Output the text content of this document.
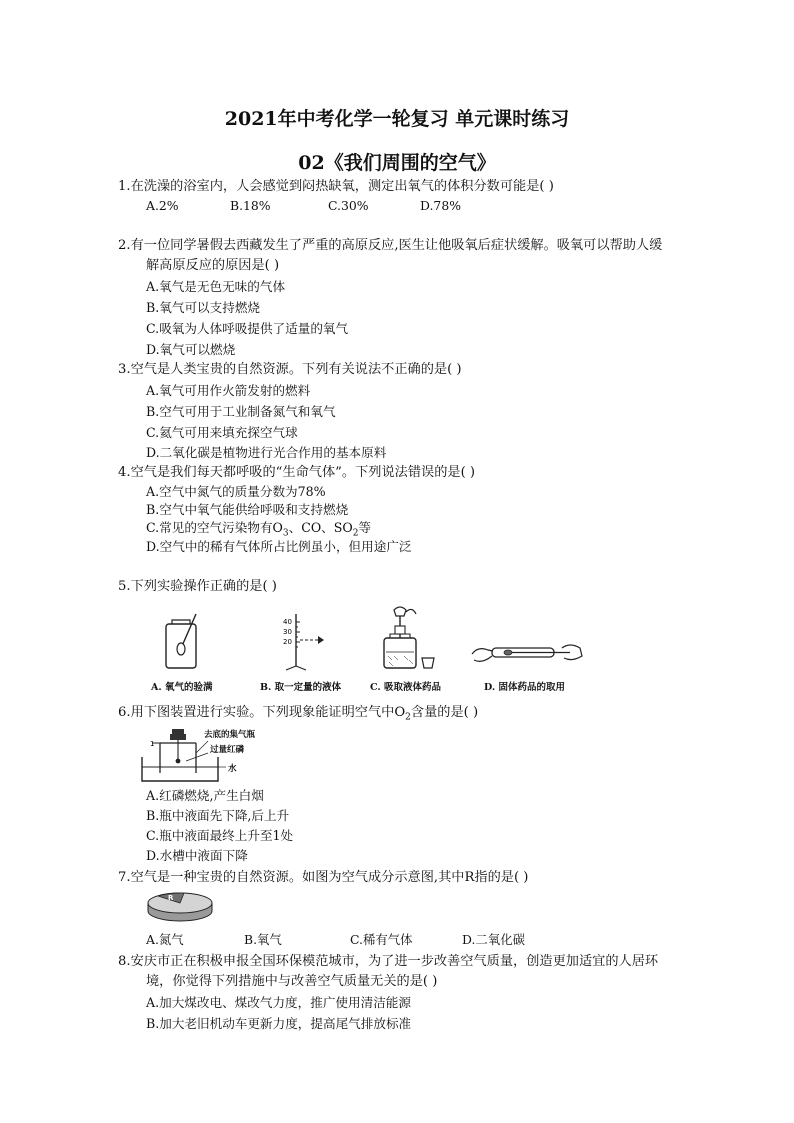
2021年中考化学一轮复习 单元课时练习
02《我们周围的空气》
1.在洗澡的浴室内，人会感觉到闷热缺氧，测定出氧气的体积分数可能是( )
A.2%	B.18%	C.30%	D.78%
2.有一位同学暑假去西藏发生了严重的高原反应,医生让他吸氧后症状缓解。吸氧可以帮助人缓
解高原反应的原因是( )
A.氧气是无色无味的气体
B.氧气可以支持燃烧
C.吸氧为人体呼吸提供了适量的氧气
D.氧气可以燃烧
3.空气是人类宝贵的自然资源。下列有关说法不正确的是( )
A.氧气可用作火箭发射的燃料
B.空气可用于工业制备氮气和氧气
C.氦气可用来填充探空气球
D.二氧化碳是植物进行光合作用的基本原料
4.空气是我们每天都呼吸的“生命气体”。下列说法错误的是( )
A.空气中氮气的质量分数为78%
B.空气中氧气能供给呼吸和支持燃烧
C.常见的空气污染物有$O_3$、CO、$SO_2$等
D.空气中的稀有气体所占比例虽小，但用途广泛
5.下列实验操作正确的是( )
A. 氧气的验满
40
30
20
B. 取一定量的液体	C. 吸取液体药品	D. 固体药品的取用
6.用下图装置进行实验。下列现象能证明空气中$O_2$含量的是( )
1
去底的集气瓶
过量红磷
水
A.红磷燃烧,产生白烟
B.瓶中液面先下降,后上升
C.瓶中液面最终上升至1处
D.水槽中液面下降
7.空气是一种宝贵的自然资源。如图为空气成分示意图,其中R指的是( )
R
A.氮气	B.氧气	C.稀有气体	D.二氧化碳
8.安庆市正在积极申报全国环保模范城市，为了进一步改善空气质量，创造更加适宜的人居环
境，你觉得下列措施中与改善空气质量无关的是( )
A.加大煤改电、煤改气力度，推广使用清洁能源
B.加大老旧机动车更新力度，提高尾气排放标准
